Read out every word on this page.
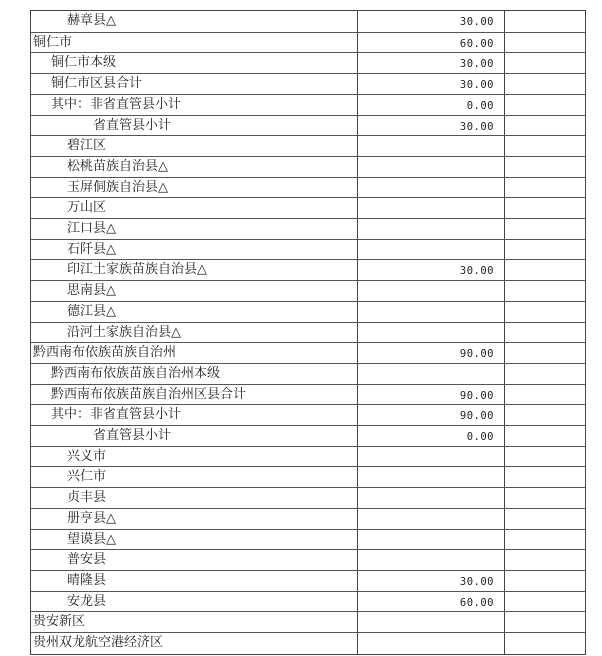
赫章县△	30.00
铜仁市	60.00
铜仁市本级	30.00
铜仁市区县合计	30.00
其中：非省直管县小计	0.00
省直管县小计	30.00
碧江区
松桃苗族自治县△
玉屏侗族自治县△
万山区
江口县△
石阡县△
印江土家族苗族自治县△	30.00
思南县△
德江县△
沿河土家族自治县△
黔西南布依族苗族自治州	90.00
黔西南布依族苗族自治州本级
黔西南布依族苗族自治州区县合计	90.00
其中：非省直管县小计	90.00
省直管县小计	0.00
兴义市
兴仁市
贞丰县
册亨县△
望谟县△
普安县
晴隆县	30.00
安龙县	60.00
贵安新区
贵州双龙航空港经济区
